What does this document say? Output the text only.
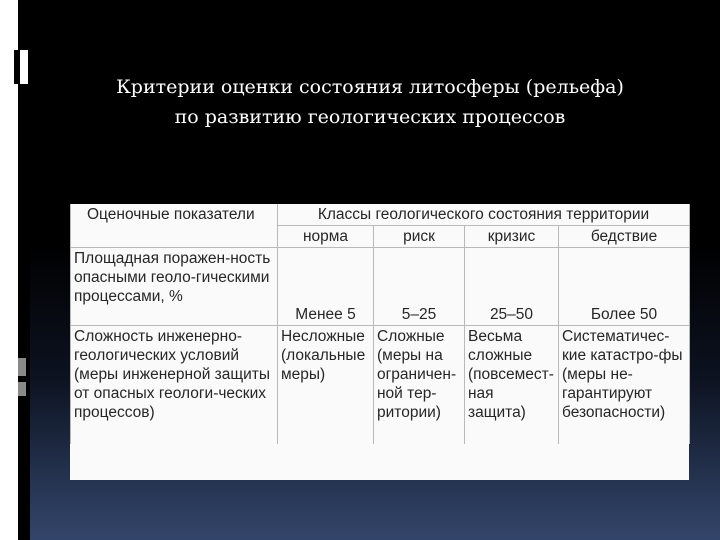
Критерии оценки состояния литосферы (рельефа)
по развитию геологических процессов
Оценочные показатели	Классы геологического состояния территории			
	норма	риск	кризис	бедствие
Площадная поражен-ность опасными геоло-гическими процессами, %	Менее 5	5–25	25–50	Более 50
Сложность инженерно-геологических условий (меры инженерной защиты от опасных геологи-ческих процессов)	Несложные (локальные меры)	Сложные (меры на ограничен-ной тер-ритории)	Весьма сложные (повсемест-ная защита)	Систематичес-кие катастро-фы (меры не-гарантируют безопасности)
